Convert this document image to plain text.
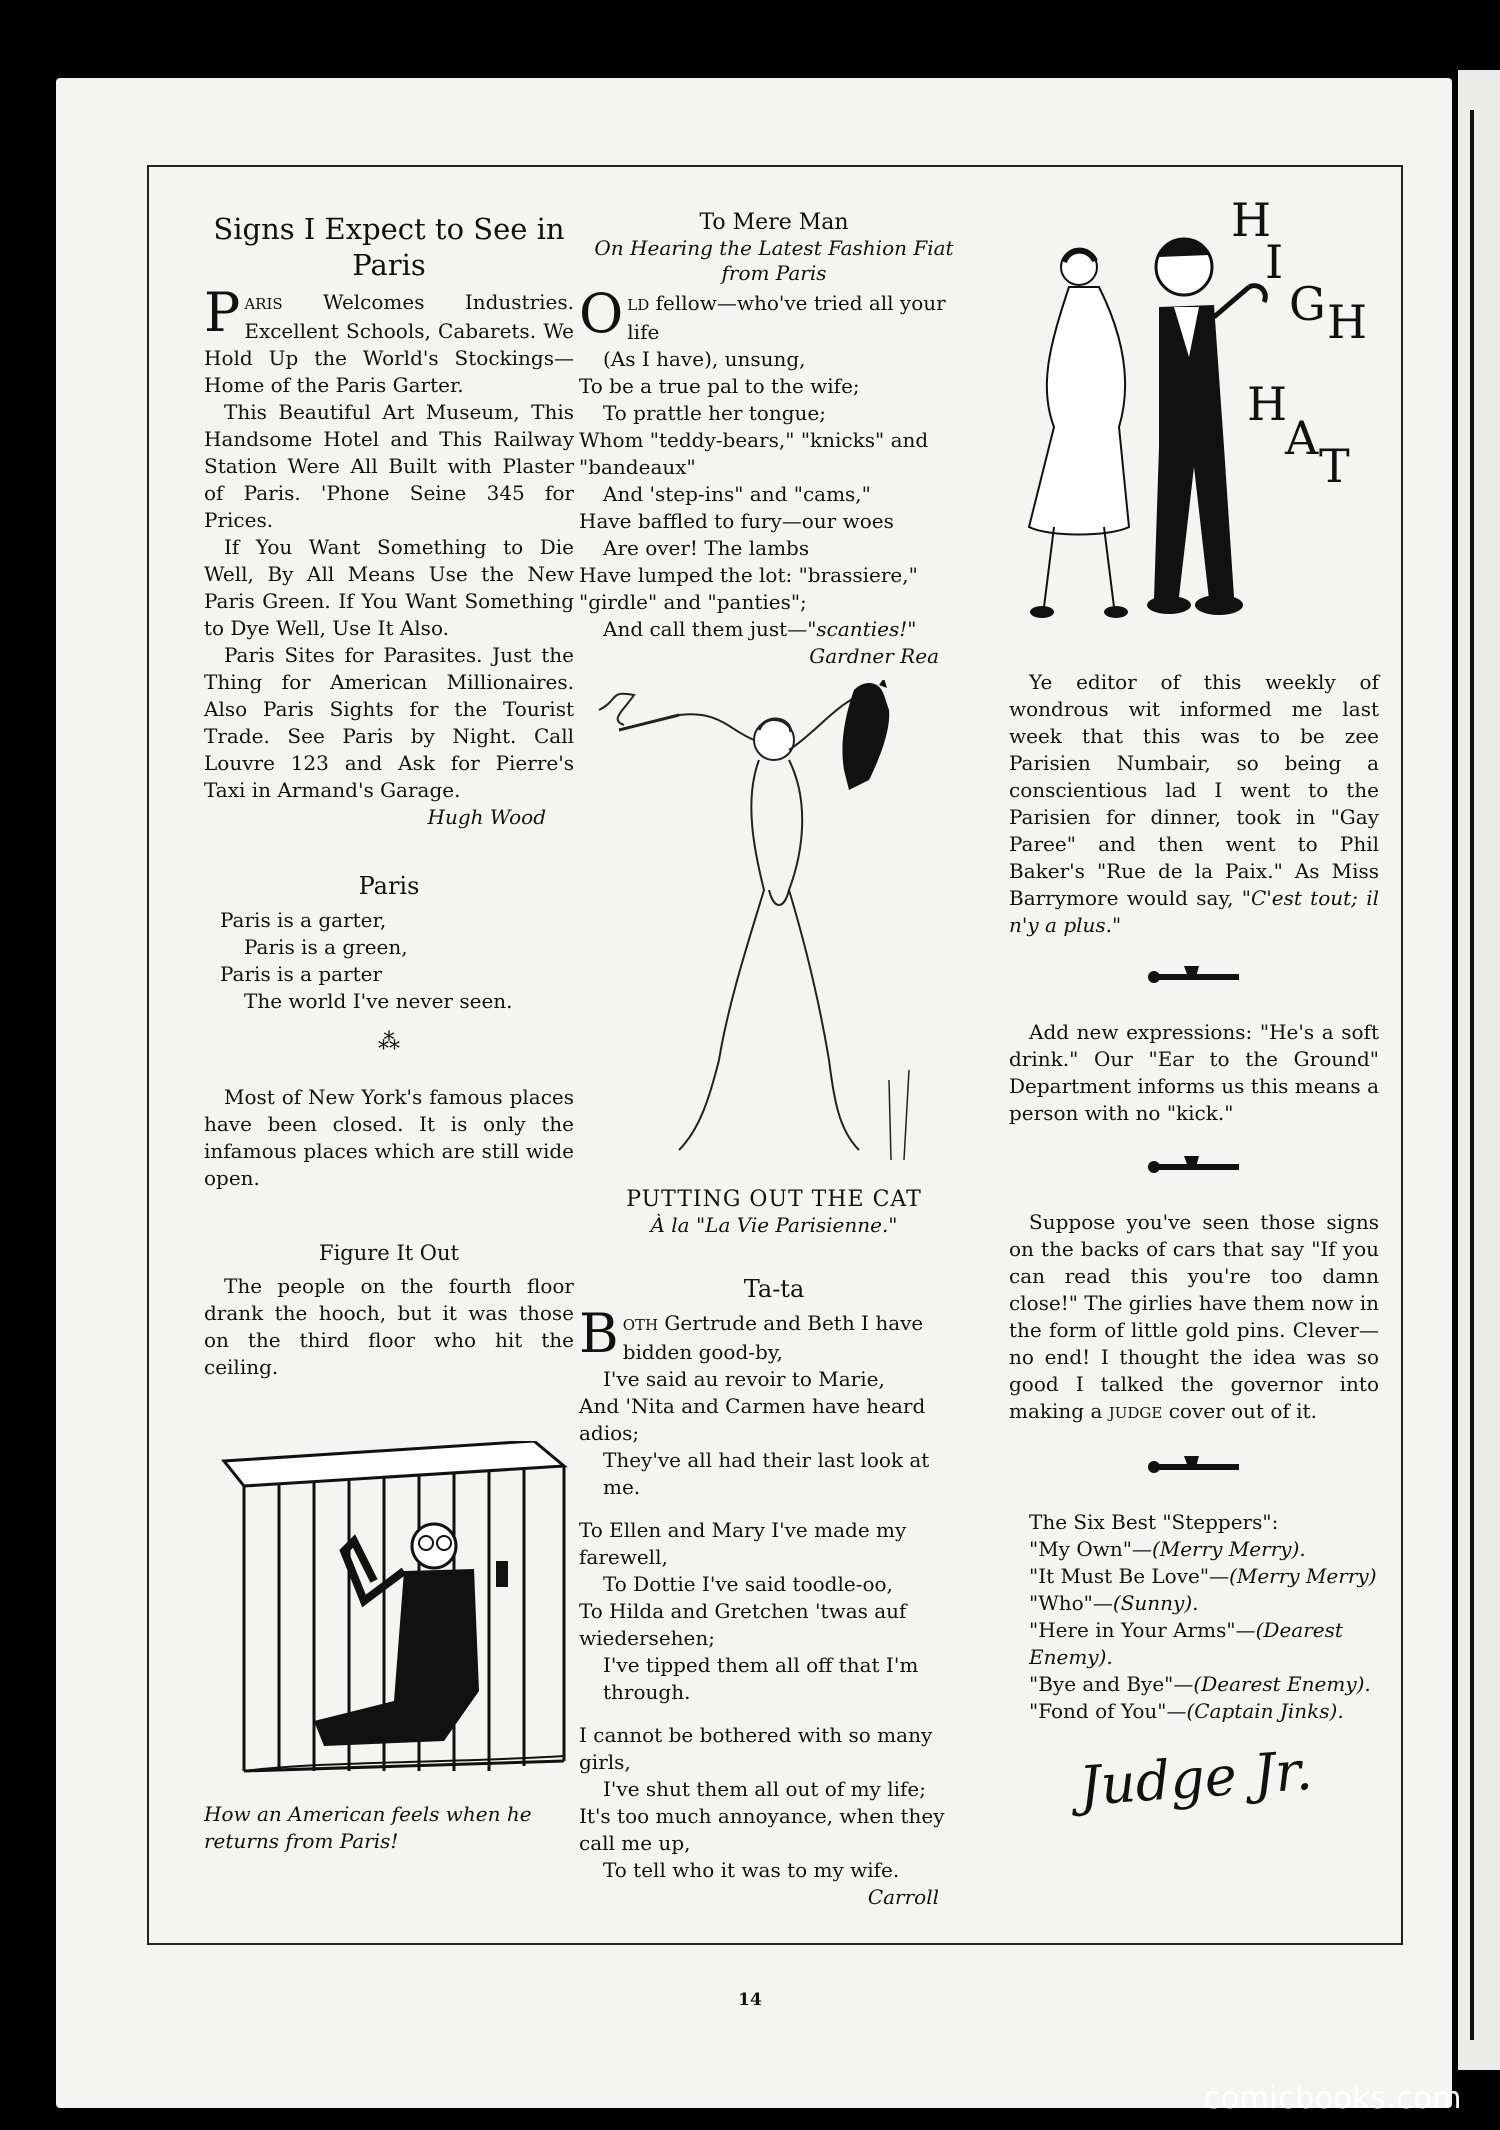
Signs I Expect to See in Paris

PARIS Welcomes Industries. Excellent Schools, Cabarets. We Hold Up the World's Stockings—Home of the Paris Garter.

This Beautiful Art Museum, This Handsome Hotel and This Railway Station Were All Built with Plaster of Paris. 'Phone Seine 345 for Prices.

If You Want Something to Die Well, By All Means Use the New Paris Green. If You Want Something to Dye Well, Use It Also.

Paris Sites for Parasites. Just the Thing for American Millionaires. Also Paris Sights for the Tourist Trade. See Paris by Night. Call Louvre 123 and Ask for Pierre's Taxi in Armand's Garage.

Hugh Wood
Paris
Paris is a garter,
Paris is a green,
Paris is a parter
The world I've never seen.
⁂

Most of New York's famous places have been closed. It is only the infamous places which are still wide open.

Figure It Out

The people on the fourth floor drank the hooch, but it was those on the third floor who hit the ceiling.

How an American feels when he returns from Paris!

To Mere Man
On Hearing the Latest Fashion Fiat from Paris
OLD fellow—who've tried all your life
(As I have), unsung,
To be a true pal to the wife;
To prattle her tongue;
Whom "teddy-bears," "knicks" and "bandeaux"
And 'step-ins" and "cams,"
Have baffled to fury—our woes
Are over! The lambs
Have lumped the lot: "brassiere," "girdle" and "panties";
And call them just—"scanties!"
Gardner Rea
PUTTING OUT THE CAT
À la "La Vie Parisienne."
Ta-ta
BOTH Gertrude and Beth I have bidden good-by,
I've said au revoir to Marie,
And 'Nita and Carmen have heard adios;
They've all had their last look at me.
To Ellen and Mary I've made my farewell,
To Dottie I've said toodle-oo,
To Hilda and Gretchen 'twas auf wiedersehen;
I've tipped them all off that I'm through.
I cannot be bothered with so many girls,
I've shut them all out of my life;
It's too much annoyance, when they call me up,
To tell who it was to my wife.
Carroll
H
I
G H
H
A
T

Ye editor of this weekly of wondrous wit informed me last week that this was to be zee Parisien Numbair, so being a conscientious lad I went to the Parisien for dinner, took in "Gay Paree" and then went to Phil Baker's "Rue de la Paix." As Miss Barrymore would say, "C'est tout; il n'y a plus."

Add new expressions: "He's a soft drink." Our "Ear to the Ground" Department informs us this means a person with no "kick."

Suppose you've seen those signs on the backs of cars that say "If you can read this you're too damn close!" The girlies have them now in the form of little gold pins. Clever—no end! I thought the idea was so good I talked the governor into making a JUDGE cover out of it.

The Six Best "Steppers":
"My Own"—(Merry Merry).
"It Must Be Love"—(Merry Merry)
"Who"—(Sunny).
"Here in Your Arms"—(Dearest Enemy).
"Bye and Bye"—(Dearest Enemy).
"Fond of You"—(Captain Jinks).
Judge Jr.
14
comicbooks.com
